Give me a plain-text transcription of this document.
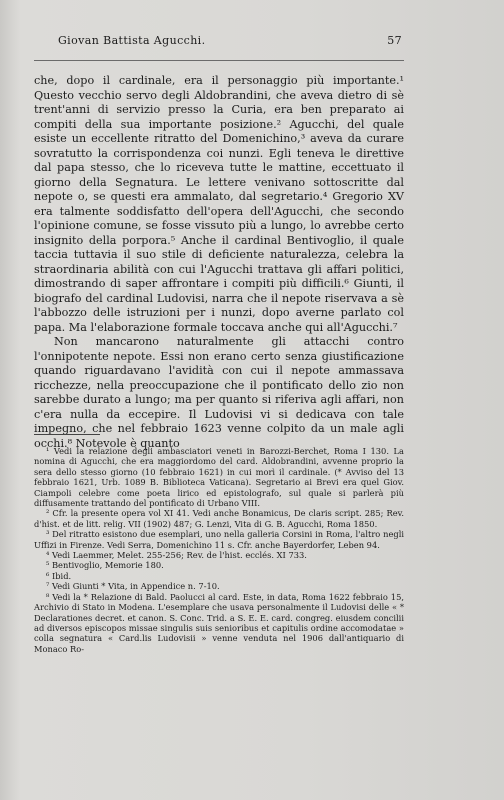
Giovan Battista Agucchi.	57

che, dopo il cardinale, era il personaggio più importante.¹ Questo vecchio servo degli Aldobrandini, che aveva dietro di sè trent'anni di servizio presso la Curia, era ben preparato ai compiti della sua importante posizione.² Agucchi, del quale esiste un eccellente ritratto del Domenichino,³ aveva da curare sovratutto la corrispondenza coi nunzi. Egli teneva le direttive dal papa stesso, che lo riceveva tutte le mattine, eccettuato il giorno della Segnatura. Le lettere venivano sottoscritte dal nepote o, se questi era ammalato, dal segretario.⁴ Gregorio XV era talmente soddisfatto dell'opera dell'Agucchi, che secondo l'opinione comune, se fosse vissuto più a lungo, lo avrebbe certo insignito della porpora.⁵ Anche il cardinal Bentivoglio, il quale taccia tuttavia il suo stile di deficiente naturalezza, celebra la straordinaria abilità con cui l'Agucchi trattava gli affari politici, dimostrando di saper affrontare i compiti più difficili.⁶ Giunti, il biografo del cardinal Ludovisi, narra che il nepote riservava a sè l'abbozzo delle istruzioni per i nunzi, dopo averne parlato col papa. Ma l'elaborazione formale toccava anche qui all'Agucchi.⁷

Non mancarono naturalmente gli attacchi contro l'onnipotente nepote. Essi non erano certo senza giustificazione quando riguardavano l'avidità con cui il nepote ammassava ricchezze, nella preoccupazione che il pontificato dello zio non sarebbe durato a lungo; ma per quanto si riferiva agli affari, non c'era nulla da eccepire. Il Ludovisi vi si dedicava con tale impegno, che nel febbraio 1623 venne colpito da un male agli occhi.⁸ Notevole è quanto

¹ Vedi la relazione degli ambasciatori veneti in Barozzi-Berchet, Roma I 130. La nomina di Agucchi, che era maggiordomo del card. Aldobrandini, avvenne proprio la sera dello stesso giorno (10 febbraio 1621) in cui morì il cardinale. (* Avviso del 13 febbraio 1621, Urb. 1089 B. Biblioteca Vaticana). Segretario ai Brevi era quel Giov. Ciampoli celebre come poeta lirico ed epistolografo, sul quale si parlerà più diffusamente trattando del pontificato di Urbano VIII.

² Cfr. la presente opera vol XI 41. Vedi anche Bonamicus, De claris script. 285; Rev. d'hist. et de litt. relig. VII (1902) 487; G. Lenzi, Vita di G. B. Agucchi, Roma 1850.

³ Del ritratto esistono due esemplari, uno nella galleria Corsini in Roma, l'altro negli Uffizi in Firenze. Vedi Serra, Domenichino 11 s. Cfr. anche Bayerdorfer, Leben 94.

⁴ Vedi Laemmer, Melet. 255-256; Rev. de l'hist. ecclés. XI 733.

⁵ Bentivoglio, Memorie 180.

⁶ Ibid.

⁷ Vedi Giunti * Vita, in Appendice n. 7-10.

⁸ Vedi la * Relazione di Bald. Paolucci al card. Este, in data, Roma 1622 febbraio 15, Archivio di Stato in Modena. L'esemplare che usava personalmente il Ludovisi delle « * Declarationes decret. et canon. S. Conc. Trid. a S. E. E. card. congreg. eiusdem concilii ad diversos episcopos missae singulis suis senioribus et capitulis ordine accomodatae » colla segnatura « Card.lis Ludovisii » venne venduta nel 1906 dall'antiquario di Monaco Ro-
